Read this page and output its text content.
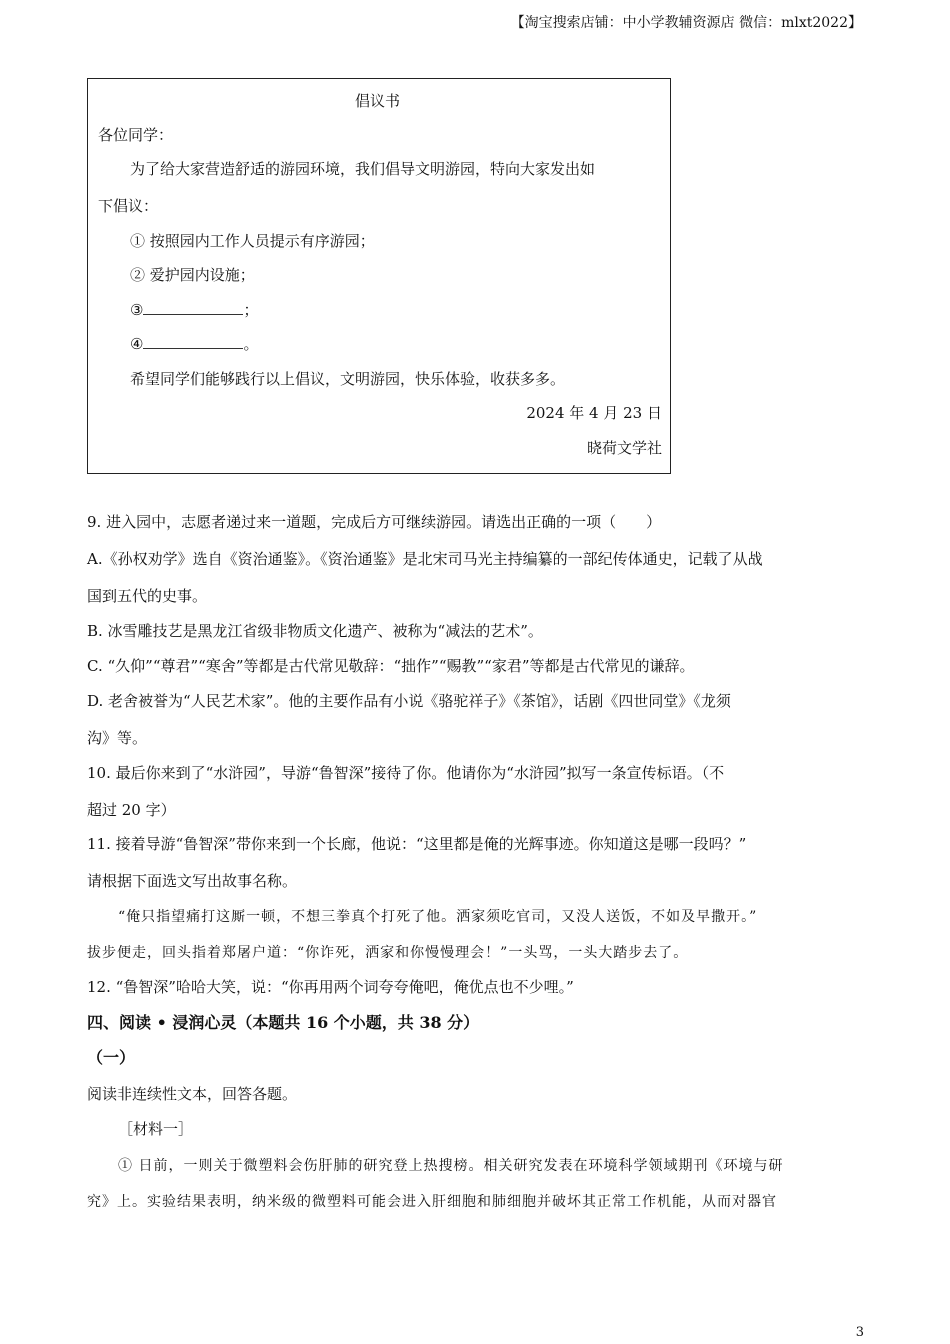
【淘宝搜索店铺：中小学教辅资源店 微信：mlxt2022】
倡议书
各位同学：
为了给大家营造舒适的游园环境，我们倡导文明游园，特向大家发出如
下倡议：
① 按照园内工作人员提示有序游园；
② 爱护园内设施；
③	；
④	。
希望同学们能够践行以上倡议，文明游园，快乐体验，收获多多。
2024 年 4 月 23 日
晓荷文学社
9. 进入园中，志愿者递过来一道题，完成后方可继续游园。请选出正确的一项（　　）
A.《孙权劝学》选自《资治通鉴》。《资治通鉴》是北宋司马光主持编纂的一部纪传体通史，记载了从战
国到五代的史事。
B. 冰雪雕技艺是黑龙江省级非物质文化遗产、被称为“减法的艺术”。
C. “久仰”“尊君”“寒舍”等都是古代常见敬辞：“拙作”“赐教”“家君”等都是古代常见的谦辞。
D. 老舍被誉为“人民艺术家”。他的主要作品有小说《骆驼祥子》《茶馆》，话剧《四世同堂》《龙须
沟》等。
10. 最后你来到了“水浒园”，导游“鲁智深”接待了你。他请你为“水浒园”拟写一条宣传标语。（不
超过 20 字）
11. 接着导游“鲁智深”带你来到一个长廊，他说：“这里都是俺的光辉事迹。你知道这是哪一段吗？”
请根据下面选文写出故事名称。
“俺只指望痛打这厮一顿，不想三拳真个打死了他。洒家须吃官司，又没人送饭，不如及早撒开。”
拔步便走，回头指着郑屠户道：“你诈死，洒家和你慢慢理会！”一头骂，一头大踏步去了。
12. “鲁智深”哈哈大笑，说：“你再用两个词夸夸俺吧，俺优点也不少哩。”
四、阅读 • 浸润心灵（本题共 16 个小题，共 38 分）
（一）
阅读非连续性文本，回答各题。
［材料一］
① 日前，一则关于微塑料会伤肝肺的研究登上热搜榜。相关研究发表在环境科学领域期刊《环境与研
究》上。实验结果表明，纳米级的微塑料可能会进入肝细胞和肺细胞并破坏其正常工作机能，从而对器官
3
